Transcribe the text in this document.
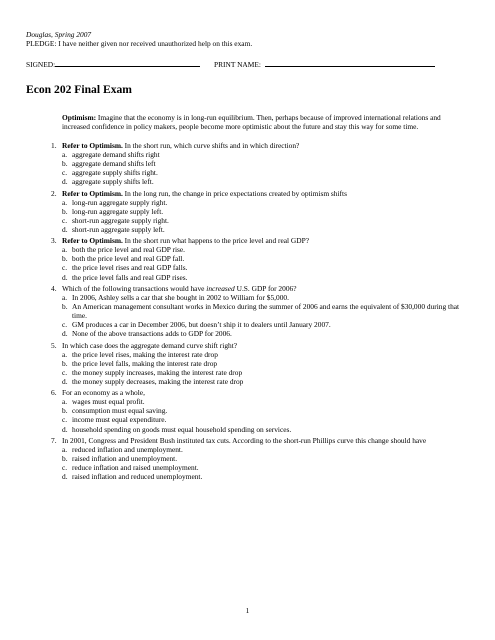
Douglas, Spring 2007
PLEDGE: I have neither given nor received unauthorized help on this exam.
SIGNED:	PRINT NAME:
Econ 202 Final Exam

Optimism: Imagine that the economy is in long-run equilibrium. Then, perhaps because of improved international relations and increased confidence in policy makers, people become more optimistic about the future and stay this way for some time.

1. Refer to Optimism. In the short run, which curve shifts and in which direction?
a. aggregate demand shifts right
b. aggregate demand shifts left
c. aggregate supply shifts right.
d. aggregate supply shifts left.
2. Refer to Optimism. In the long run, the change in price expectations created by optimism shifts
a. long-run aggregate supply right.
b. long-run aggregate supply left.
c. short-run aggregate supply right.
d. short-run aggregate supply left.
3. Refer to Optimism. In the short run what happens to the price level and real GDP?
a. both the price level and real GDP rise.
b. both the price level and real GDP fall.
c. the price level rises and real GDP falls.
d. the price level falls and real GDP rises.
4. Which of the following transactions would have increased U.S. GDP for 2006?
a. In 2006, Ashley sells a car that she bought in 2002 to William for $5,000.
b. An American management consultant works in Mexico during the summer of 2006 and earns the equivalent of $30,000 during that time.
c. GM produces a car in December 2006, but doesn’t ship it to dealers until January 2007.
d. None of the above transactions adds to GDP for 2006.
5. In which case does the aggregate demand curve shift right?
a. the price level rises, making the interest rate drop
b. the price level falls, making the interest rate drop
c. the money supply increases, making the interest rate drop
d. the money supply decreases, making the interest rate drop
6. For an economy as a whole,
a. wages must equal profit.
b. consumption must equal saving.
c. income must equal expenditure.
d. household spending on goods must equal household spending on services.
7. In 2001, Congress and President Bush instituted tax cuts. According to the short-run Phillips curve this change should have
a. reduced inflation and unemployment.
b. raised inflation and unemployment.
c. reduce inflation and raised unemployment.
d. raised inflation and reduced unemployment.
1
